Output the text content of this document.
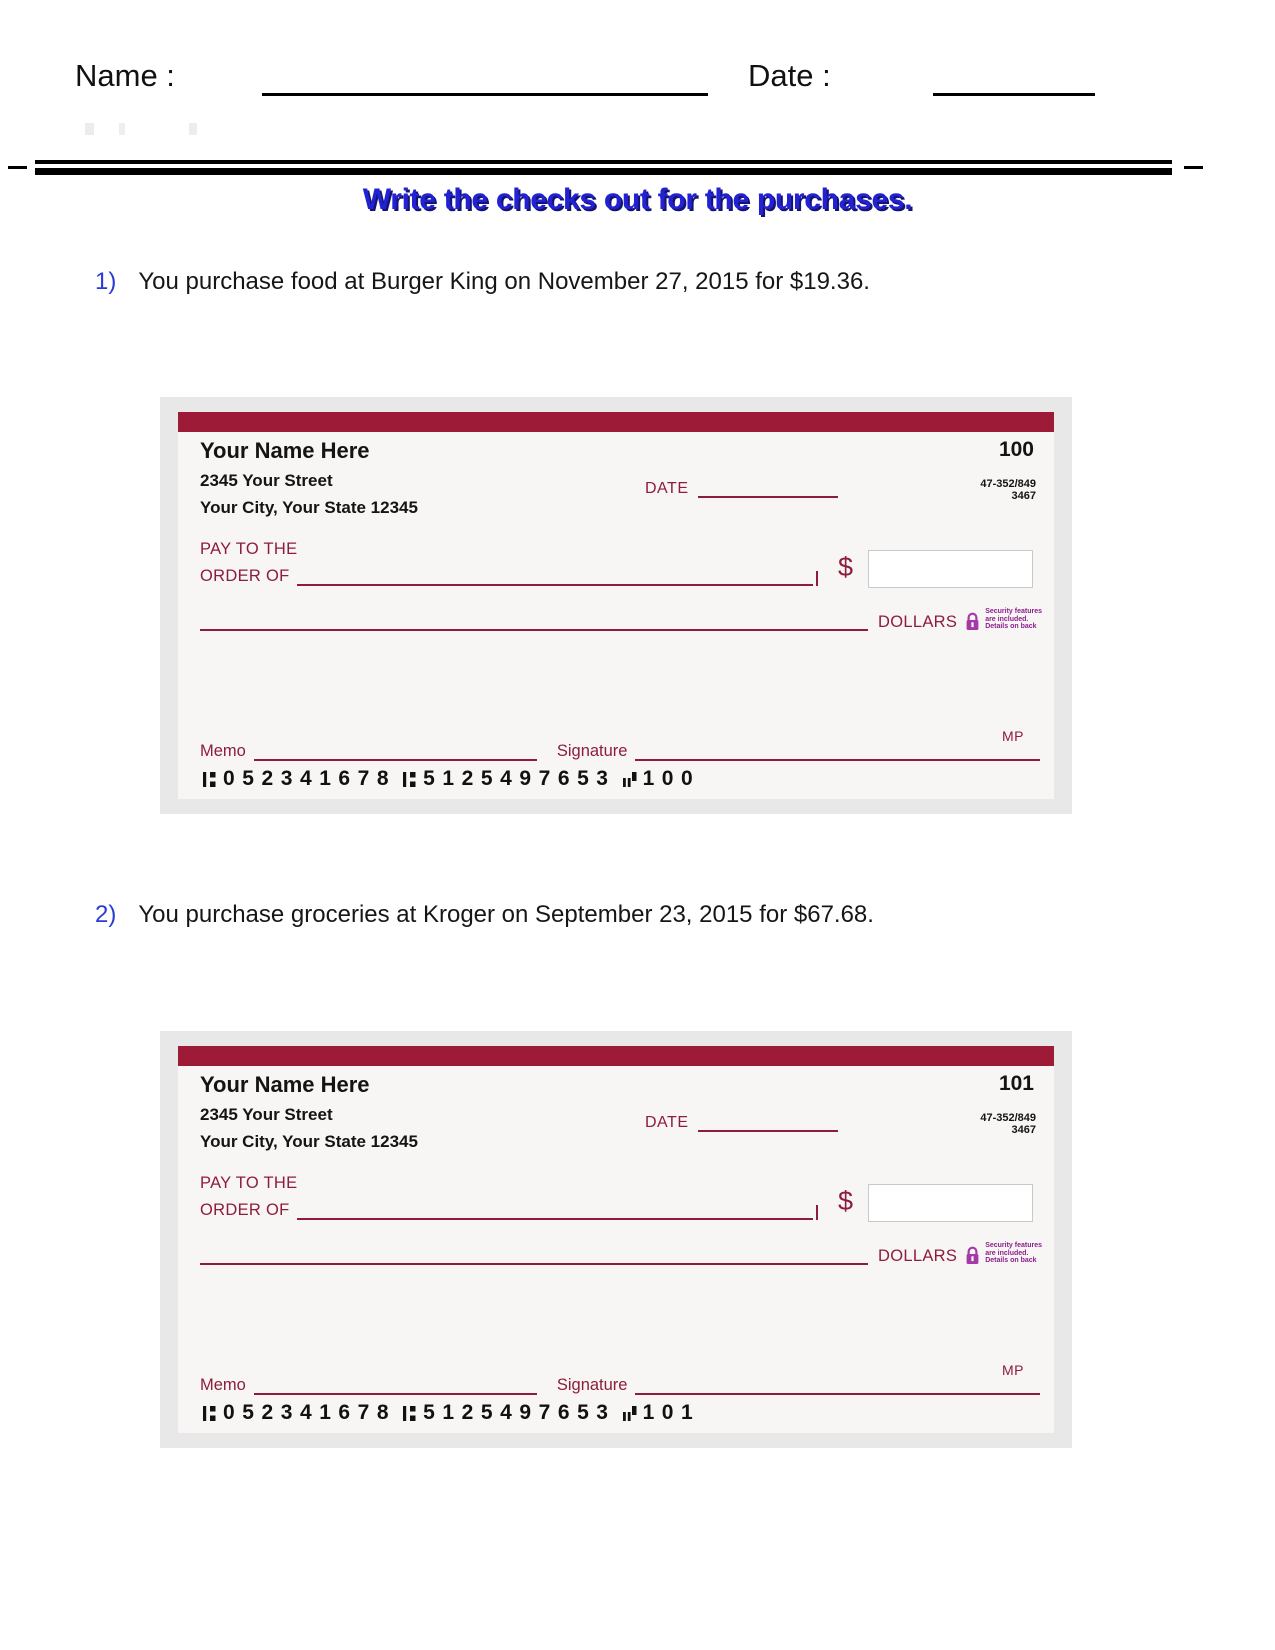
Name :	Date :
Write the checks out for the purchases.
1) You purchase food at Burger King on November 27, 2015 for $19.36.
Your Name Here
2345 Your Street
Your City, Your State 12345
100
DATE	47-352/849
3467
PAY TO THE
ORDER OF	$
DOLLARS
Security features
are included.
Details on back
Memo	Signature
MP
052341678 5125497653 100
2) You purchase groceries at Kroger on September 23, 2015 for $67.68.
Your Name Here
2345 Your Street
Your City, Your State 12345
101
DATE	47-352/849
3467
PAY TO THE
ORDER OF	$
DOLLARS
Security features
are included.
Details on back
Memo	Signature
MP
052341678 5125497653 101
